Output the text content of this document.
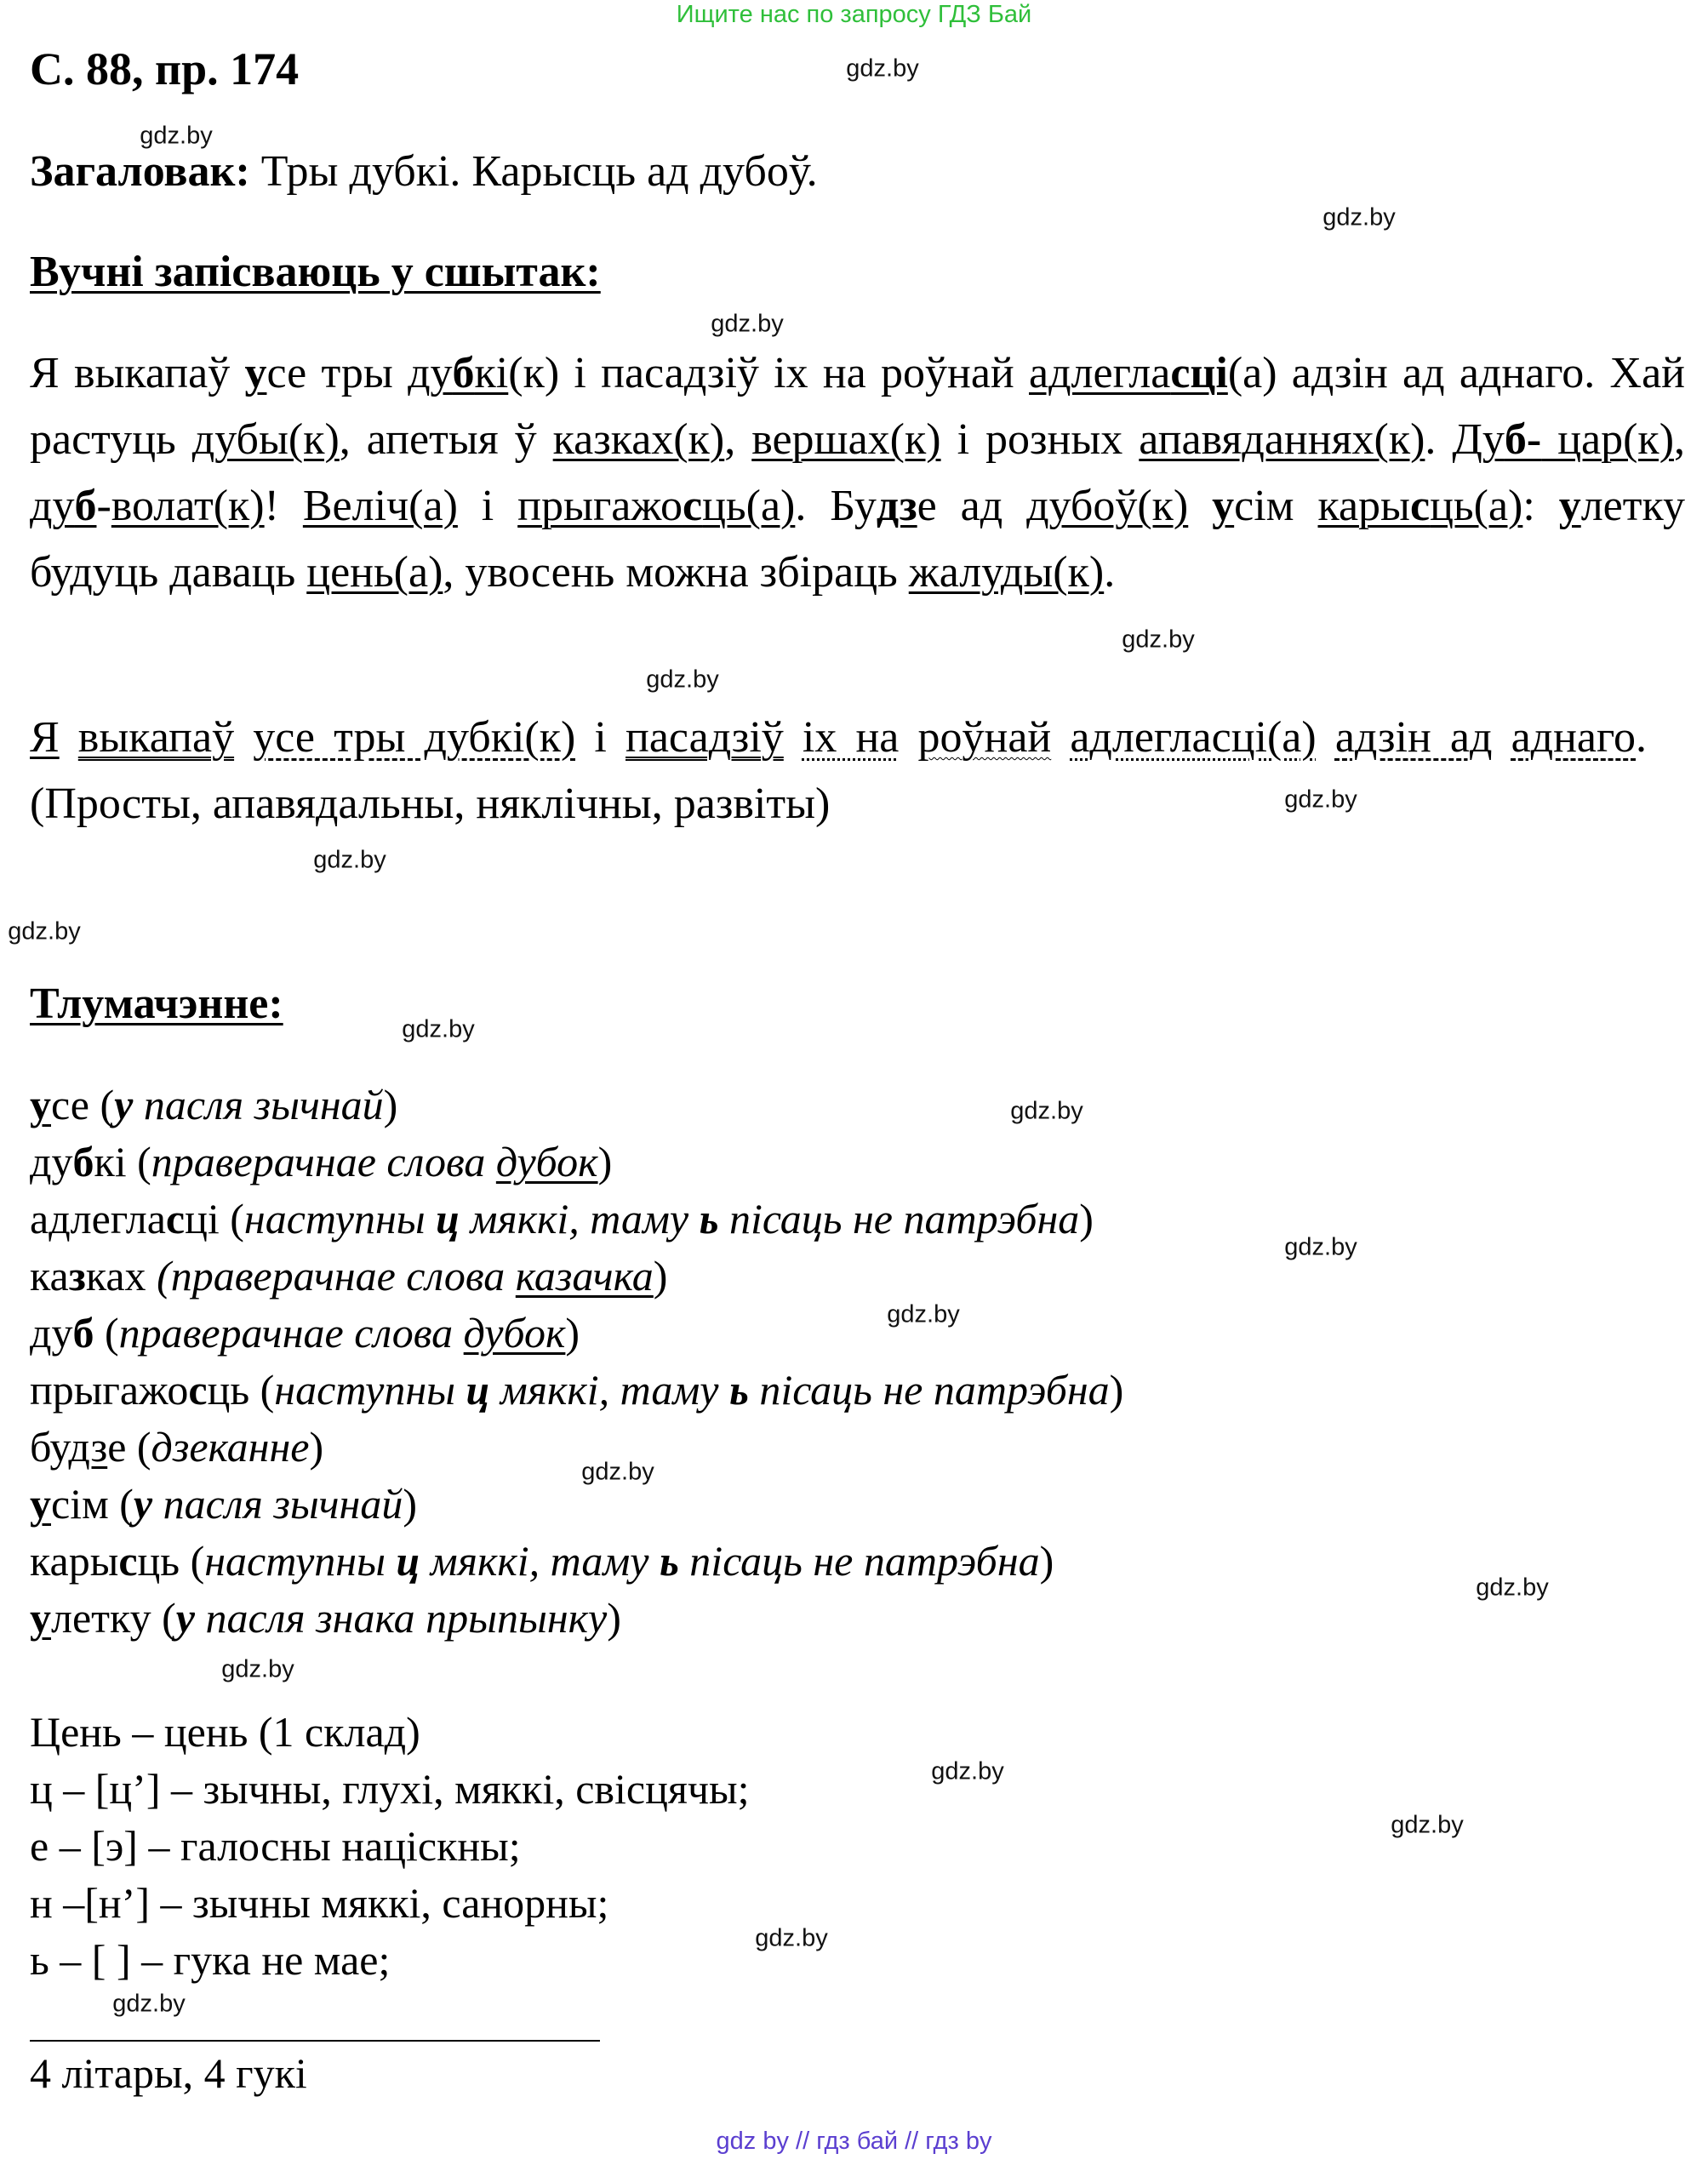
Ищите нас по запросу ГДЗ Бай
С. 88, пр. 174
Загаловак: Тры дубкі. Карысць ад дубоў.
Вучні запісваюць у сшытак:
Я выкапаў усе тры дубкі(к) і пасадзіў іх на роўнай адлегласці(а) адзін ад аднаго. Хай растуць дубы(к), апетыя ў казках(к), вершах(к) і розных апавяданнях(к). Дуб- цар(к), дуб-волат(к)! Веліч(а) і прыгажосць(а). Будзе ад дубоў(к) усім карысць(а): улетку будуць даваць цень(а), увосень можна збіраць жалуды(к).
Я выкапаў усе тры дубкі(к) і пасадзіў іх на роўнай адлегласці(а) адзін ад аднаго. (Просты, апавядальны, няклічны, развіты)
Тлумачэнне:
усе (у пасля зычнай)
дубкі (праверачнае слова дубок)
адлегласці (наступны ц мяккі, таму ь пісаць не патрэбна)
казках (праверачнае слова казачка)
дуб (праверачнае слова дубок)
прыгажосць (наступны ц мяккі, таму ь пісаць не патрэбна)
будзе (дзеканне)
усім (у пасля зычнай)
карысць (наступны ц мяккі, таму ь пісаць не патрэбна)
улетку (у пасля знака прыпынку)
Цень – цень (1 склад)
ц – [ц’] – зычны, глухі, мяккі, свісцячы;
е – [э] – галосны націскны;
н –[н’] – зычны мяккі, санорны;
ь – [ ] – гука не мае;
4 літары, 4 гукі
gdz.by
gdz.by
gdz.by
gdz.by
gdz.by
gdz.by
gdz.by
gdz.by
gdz.by
gdz.by
gdz.by
gdz.by
gdz.by
gdz.by
gdz.by
gdz.by
gdz.by
gdz.by
gdz.by
gdz.by
gdz by // гдз бай // гдз by
